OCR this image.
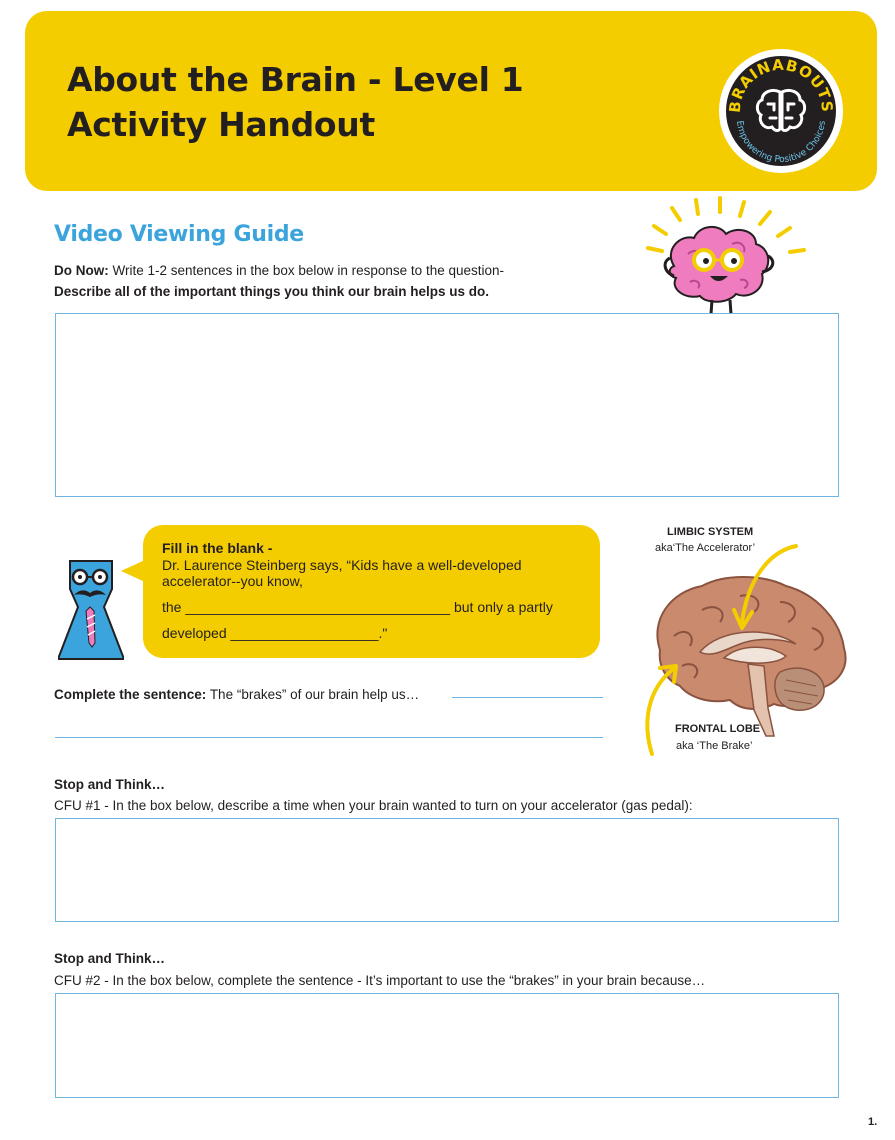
About the Brain - Level 1
Activity Handout	BRAINABOUTS
Empowering Positive Choices
Video Viewing Guide

Do Now: Write 1-2 sentences in the box below in response to the question-

Describe all of the important things you think our brain helps us do.

Fill in the blank -

Dr. Laurence Steinberg says, “Kids have a well-developed

accelerator--you know,

the __________________________________ but only a partly

developed ___________________."

LIMBIC SYSTEM

aka‘The Accelerator’

FRONTAL LOBE

aka ‘The Brake’

Complete the sentence: The “brakes” of our brain help us…

Stop and Think…

CFU #1 - In the box below, describe a time when your brain wanted to turn on your accelerator (gas pedal):

Stop and Think…

CFU #2 - In the box below, complete the sentence - It’s important to use the “brakes” in your brain because…

1.
